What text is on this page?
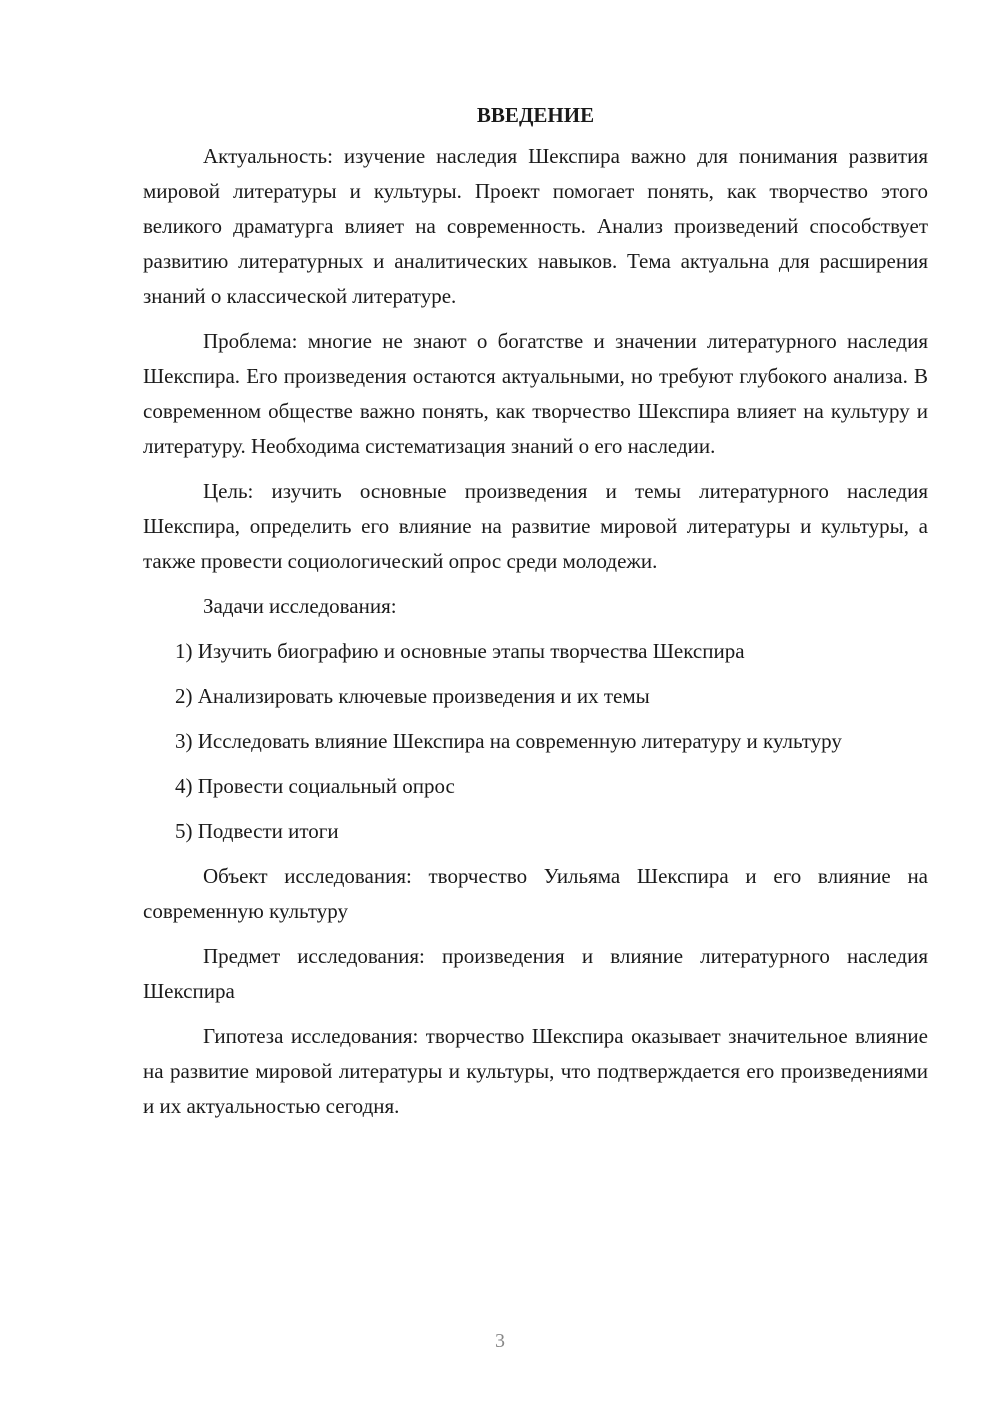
ВВЕДЕНИЕ

Актуальность: изучение наследия Шекспира важно для понимания развития мировой литературы и культуры. Проект помогает понять, как творчество этого великого драматурга влияет на современность. Анализ произведений способствует развитию литературных и аналитических навыков. Тема актуальна для расширения знаний о классической литературе.

Проблема: многие не знают о богатстве и значении литературного наследия Шекспира. Его произведения остаются актуальными, но требуют глубокого анализа. В современном обществе важно понять, как творчество Шекспира влияет на культуру и литературу. Необходима систематизация знаний о его наследии.

Цель: изучить основные произведения и темы литературного наследия Шекспира, определить его влияние на развитие мировой литературы и культуры, а также провести социологический опрос среди молодежи.

Задачи исследования:

1) Изучить биографию и основные этапы творчества Шекспира

2) Анализировать ключевые произведения и их темы

3) Исследовать влияние Шекспира на современную литературу и культуру

4) Провести социальный опрос

5) Подвести итоги

Объект исследования: творчество Уильяма Шекспира и его влияние на современную культуру

Предмет исследования: произведения и влияние литературного наследия Шекспира

Гипотеза исследования: творчество Шекспира оказывает значительное влияние на развитие мировой литературы и культуры, что подтверждается его произведениями и их актуальностью сегодня.

3
